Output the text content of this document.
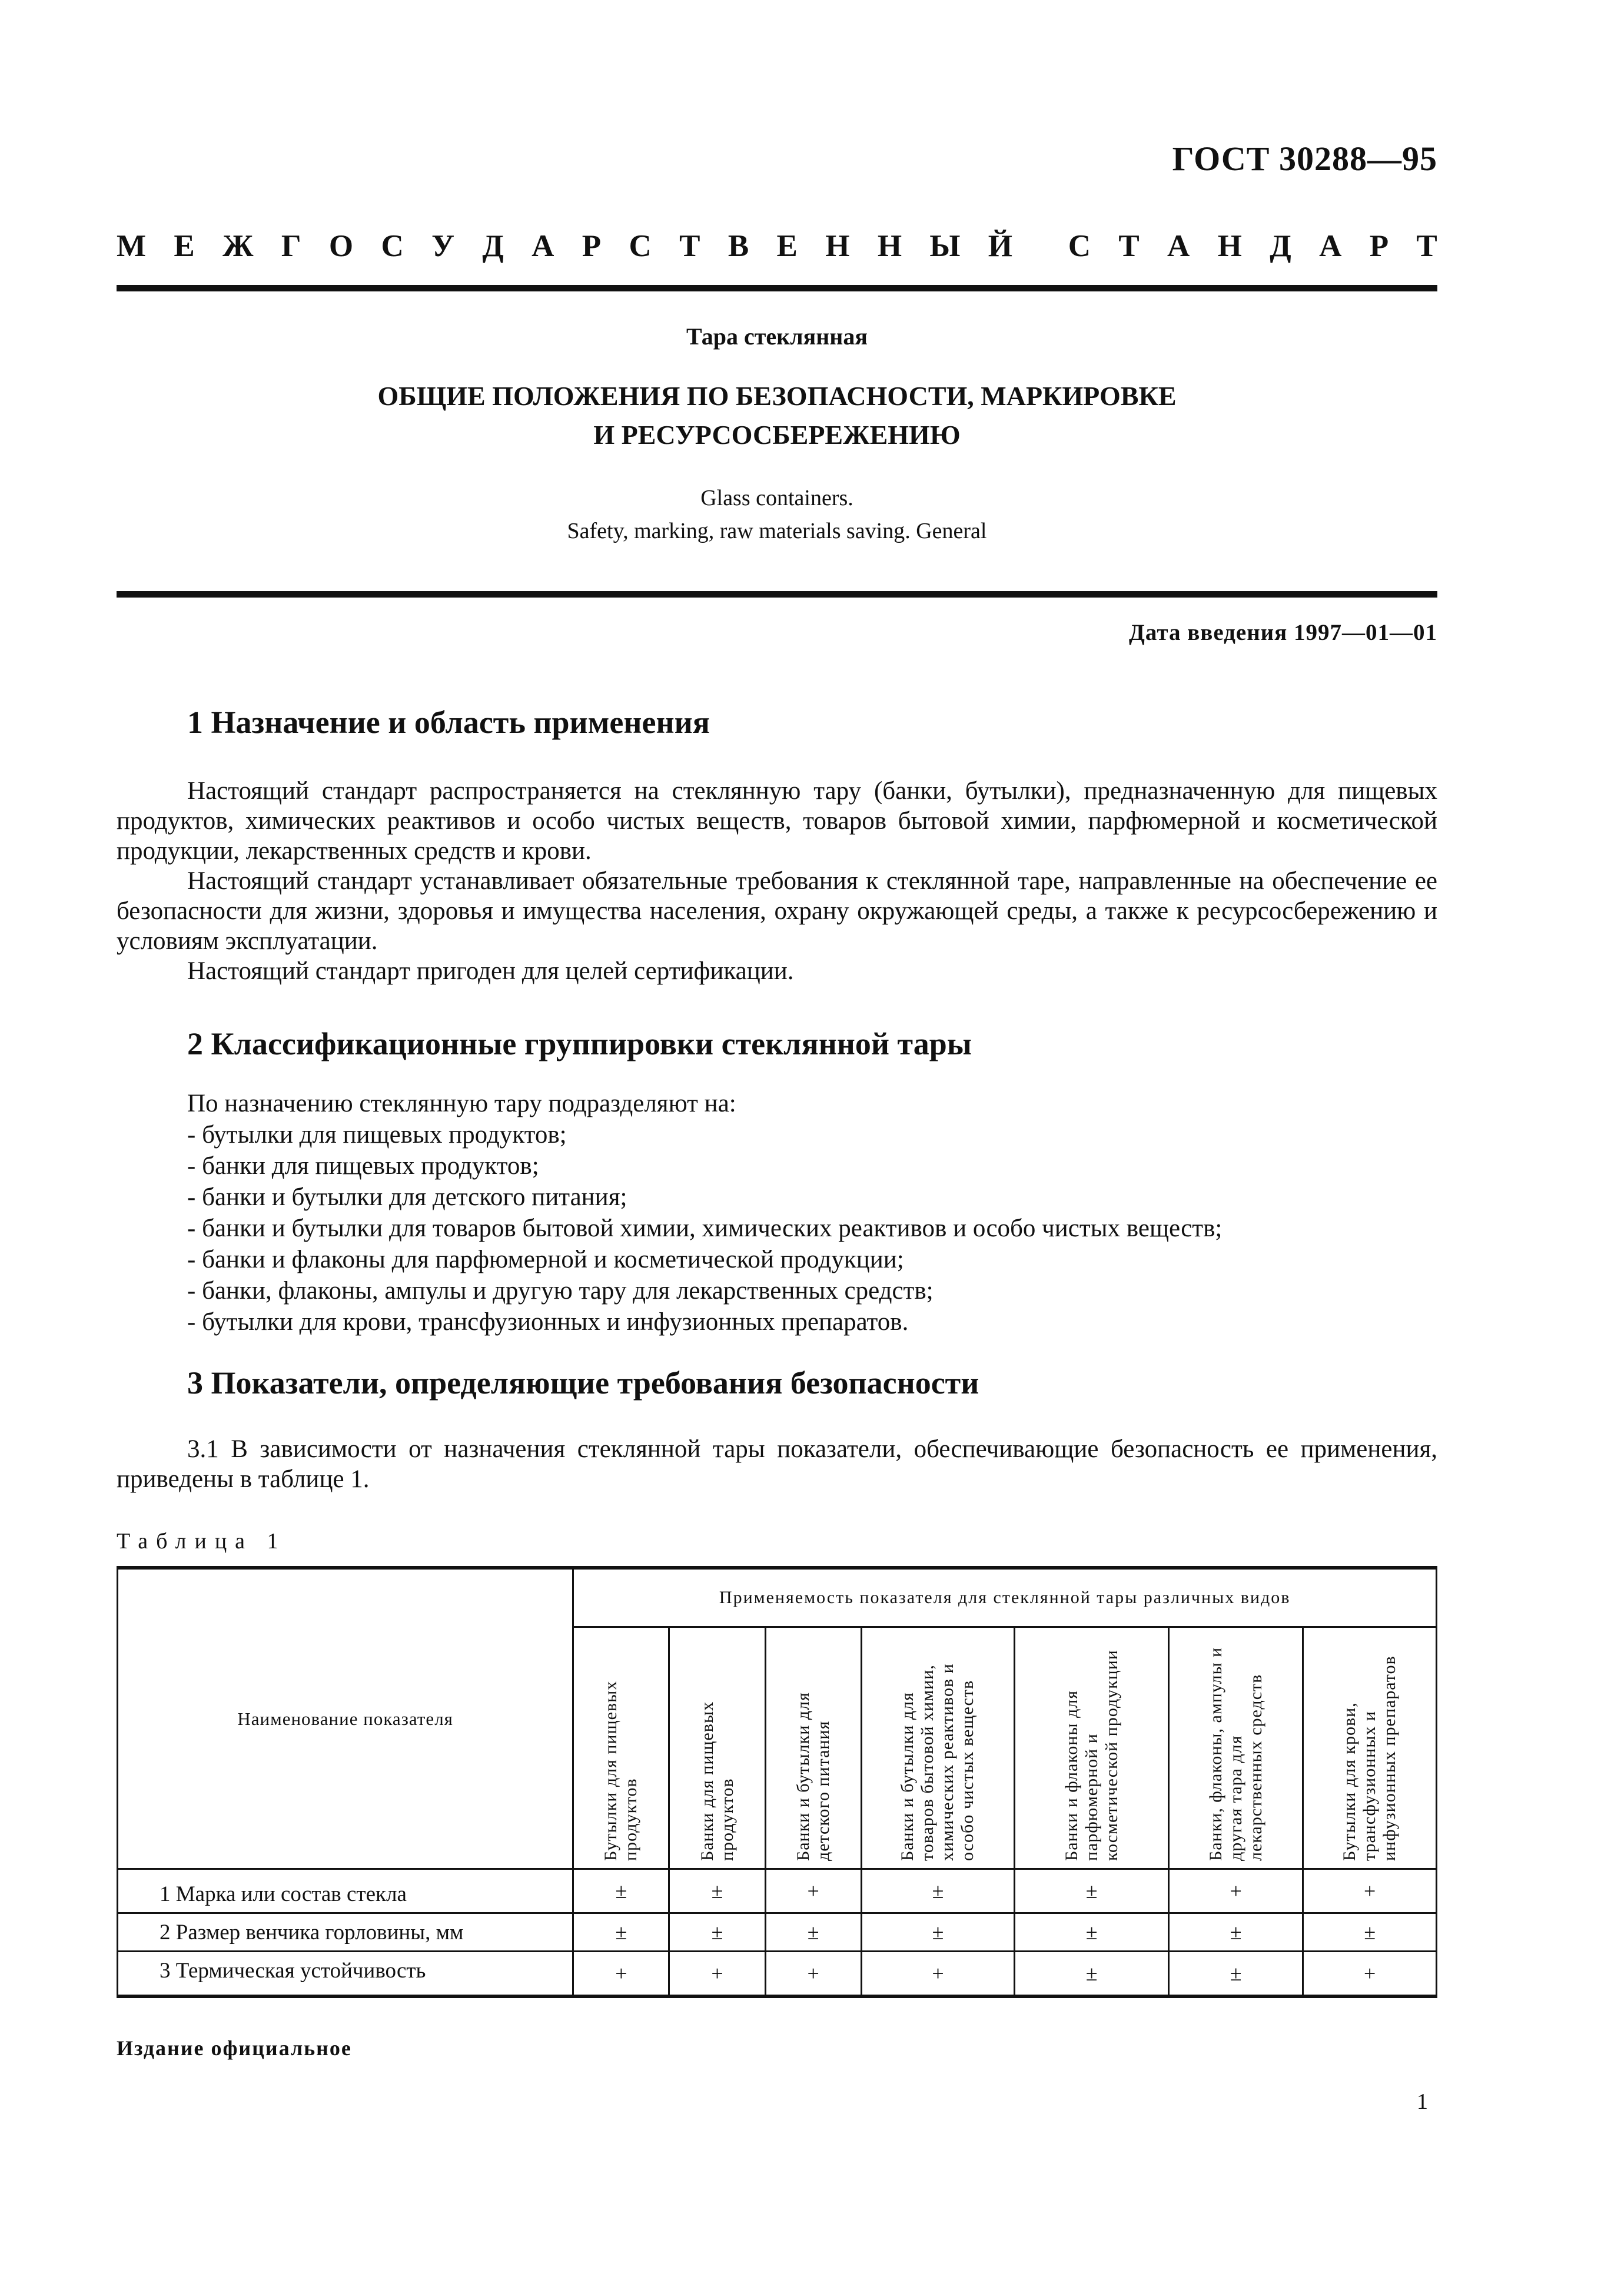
ГОСТ 30288—95
М Е Ж Г О С У Д А Р С Т В Е Н Н Ы Й С Т А Н Д А Р Т
Тара стеклянная
ОБЩИЕ ПОЛОЖЕНИЯ ПО БЕЗОПАСНОСТИ, МАРКИРОВКЕ
И РЕСУРСОСБЕРЕЖЕНИЮ
Glass containers.
Safety, marking, raw materials saving. General
Дата введения 1997—01—01
1 Назначение и область применения

Настоящий стандарт распространяется на стеклянную тару (банки, бутылки), предназначенную для пищевых продуктов, химических реактивов и особо чистых веществ, товаров бытовой химии, парфюмерной и косметической продукции, лекарственных средств и крови.

Настоящий стандарт устанавливает обязательные требования к стеклянной таре, направленные на обеспечение ее безопасности для жизни, здоровья и имущества населения, охрану окружающей среды, а также к ресурсосбережению и условиям эксплуатации.

Настоящий стандарт пригоден для целей сертификации.

2 Классификационные группировки стеклянной тары

По назначению стеклянную тару подразделяют на:

- бутылки для пищевых продуктов;

- банки для пищевых продуктов;

- банки и бутылки для детского питания;

- банки и бутылки для товаров бытовой химии, химических реактивов и особо чистых веществ;

- банки и флаконы для парфюмерной и косметической продукции;

- банки, флаконы, ампулы и другую тару для лекарственных средств;

- бутылки для крови, трансфузионных и инфузионных препаратов.

3 Показатели, определяющие требования безопасности

3.1 В зависимости от назначения стеклянной тары показатели, обеспечивающие безопасность ее применения, приведены в таблице 1.

Таблица 1
Наименование показателя	Применяемость показателя для стеклянной тары различных видов						

	Бутылки для пищевых продуктов	Банки для пищевых продуктов	Банки и бутылки для детского питания	Банки и бутылки для товаров бытовой химии, химических реактивов и особо чистых веществ	Банки и флаконы для парфюмерной и косметической продукции	Банки, флаконы, ампулы и другая тара для лекарственных средств	Бутылки для крови, трансфузионных и инфузионных препаратов

1 Марка или состав стекла	±	±	+	±	±	+	+
2 Размер венчика горловины, мм	±	±	±	±	±	±	±
3 Термическая устойчивость	+	+	+	+	±	±	+
Издание официальное
1
